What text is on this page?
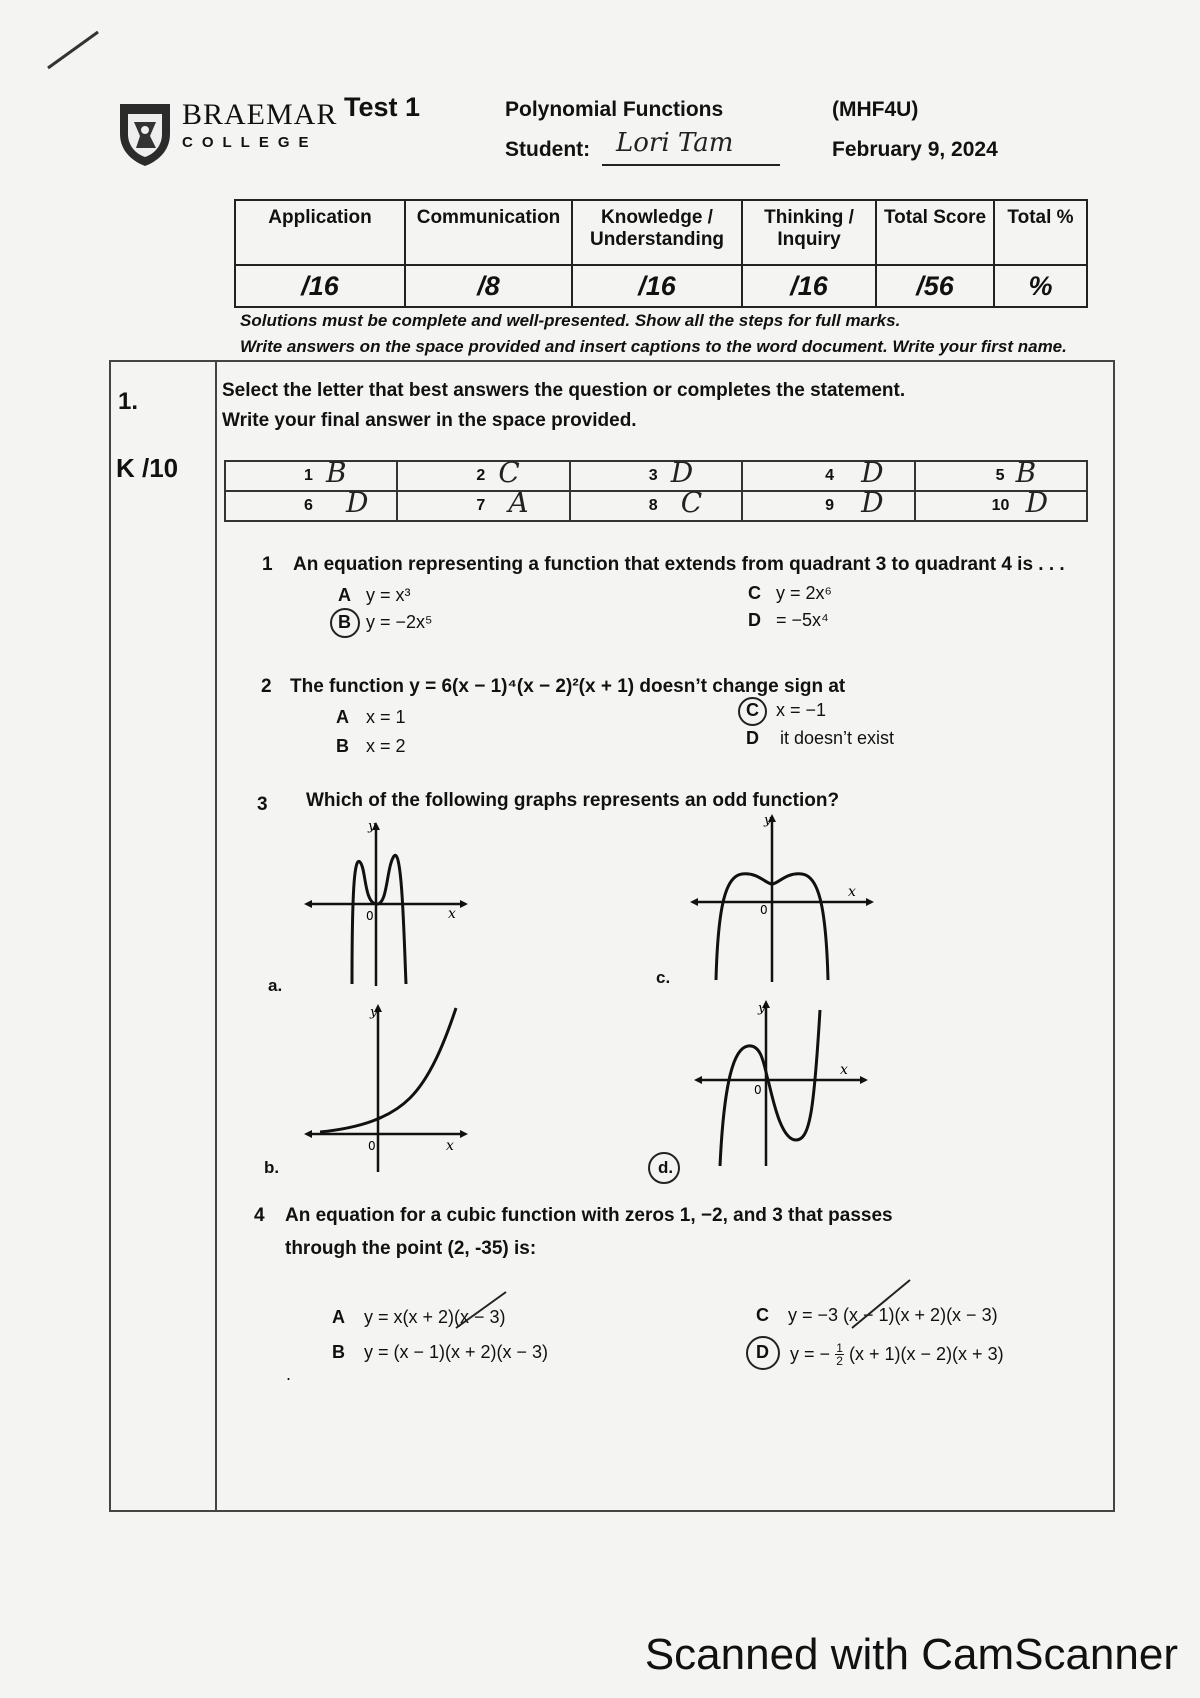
BRAEMAR
COLLEGE
Test 1	Polynomial Functions	(MHF4U)
Student: Lori Tam	February 9, 2024
Application	Communication	Knowledge / Understanding	Thinking / Inquiry	Total Score	Total %
/16	/8	/16	/16	/56	%
Solutions must be complete and well-presented. Show all the steps for full marks.
Write answers on the space provided and insert captions to the word document. Write your first name.
1.
K /10
Select the letter that best answers the question or completes the statement.
Write your final answer in the space provided.
1 B	2 C	3 D	4 D	5 B

6 D	7 A	8 C	9 D	10 D
1 An equation representing a function that extends from quadrant 3 to quadrant 4 is . . .
A y = x³
B y = −2x⁵
C y = 2x⁶
D = −5x⁴
2 The function y = 6(x − 1)⁴(x − 2)²(x + 1) doesn’t change sign at
A x = 1
B x = 2
C x = −1
D it doesn’t exist
3 Which of the following graphs represents an odd function?
0	x
y
a.
0
x
y
c.
0	x
y
b.
0
x
y
d.
4 An equation for a cubic function with zeros 1, −2, and 3 that passes
through the point (2, -35) is:
A y = x(x + 2)(x − 3)
B y = (x − 1)(x + 2)(x − 3)
C y = −3 (x − 1)(x + 2)(x − 3)
D y = − 1
2 (x + 1)(x − 2)(x + 3)
.
Scanned with CamScanner
